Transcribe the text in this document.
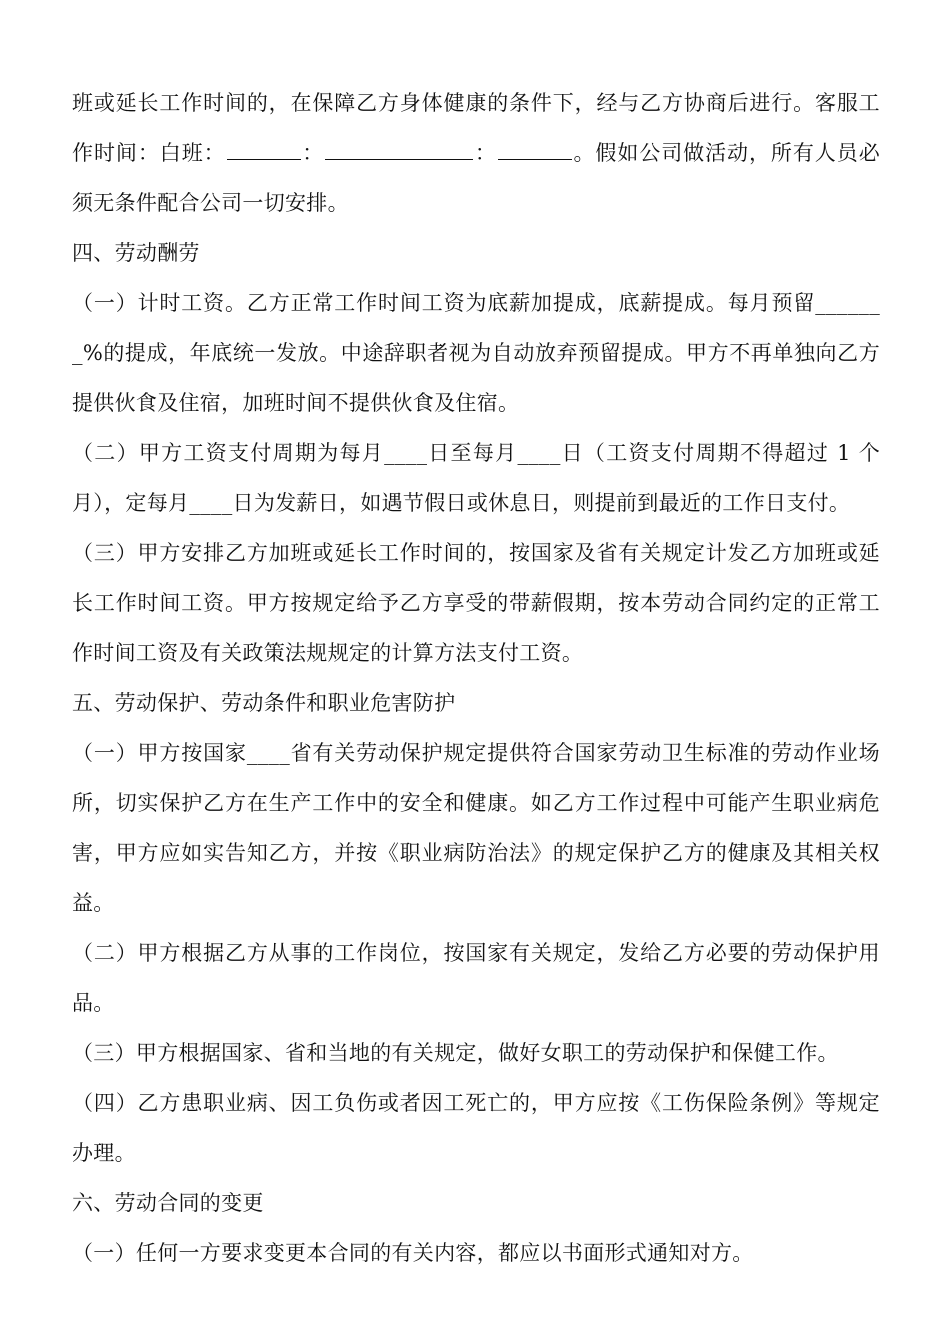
班或延长工作时间的，在保障乙方身体健康的条件下，经与乙方协商后进行。客服工作时间：白班：	：	：	。假如公司做活动，所有人员必须无条件配合公司一切安排。

四、劳动酬劳

（一）计时工资。乙方正常工作时间工资为底薪加提成，底薪提成。每月预留_______%的提成，年底统一发放。中途辞职者视为自动放弃预留提成。甲方不再单独向乙方提供伙食及住宿，加班时间不提供伙食及住宿。

（二）甲方工资支付周期为每月____日至每月____日（工资支付周期不得超过 1 个月），定每月____日为发薪日，如遇节假日或休息日，则提前到最近的工作日支付。

（三）甲方安排乙方加班或延长工作时间的，按国家及省有关规定计发乙方加班或延长工作时间工资。甲方按规定给予乙方享受的带薪假期，按本劳动合同约定的正常工作时间工资及有关政策法规规定的计算方法支付工资。

五、劳动保护、劳动条件和职业危害防护

（一）甲方按国家____省有关劳动保护规定提供符合国家劳动卫生标准的劳动作业场所，切实保护乙方在生产工作中的安全和健康。如乙方工作过程中可能产生职业病危害，甲方应如实告知乙方，并按《职业病防治法》的规定保护乙方的健康及其相关权益。

（二）甲方根据乙方从事的工作岗位，按国家有关规定，发给乙方必要的劳动保护用品。

（三）甲方根据国家、省和当地的有关规定，做好女职工的劳动保护和保健工作。

（四）乙方患职业病、因工负伤或者因工死亡的，甲方应按《工伤保险条例》等规定办理。

六、劳动合同的变更

（一）任何一方要求变更本合同的有关内容，都应以书面形式通知对方。
